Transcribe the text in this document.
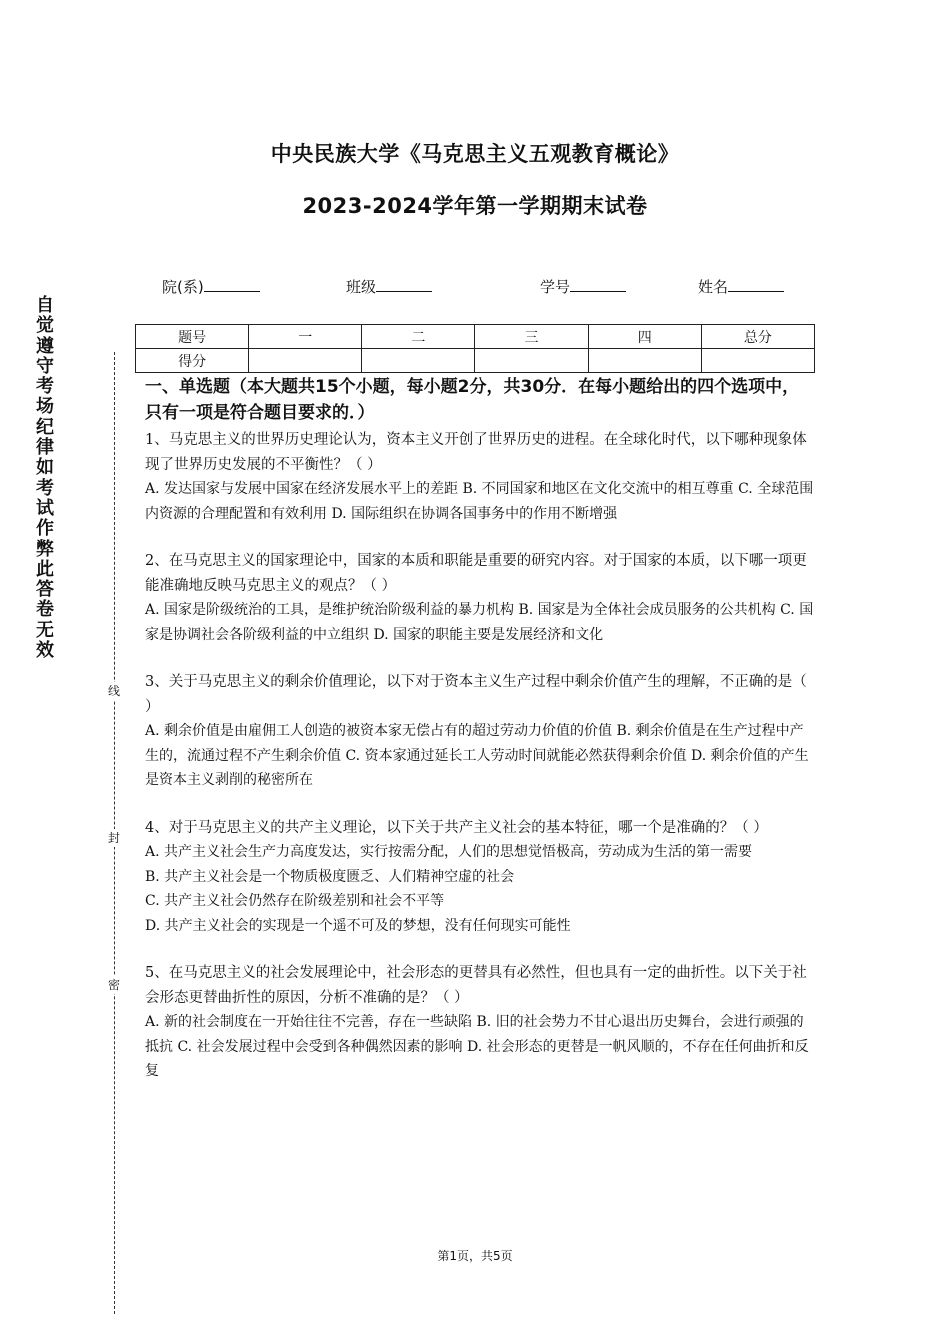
中央民族大学《马克思主义五观教育概论》
2023-2024学年第一学期期末试卷
院(系)	班级	学号	姓名
题号	一	二	三	四	总分
得分					
自觉遵守考场纪律如考试作弊此答卷无效
线
封
密

一、单选题（本大题共15个小题，每小题2分，共30分．在每小题给出的四个选项中，只有一项是符合题目要求的．）

1、马克思主义的世界历史理论认为，资本主义开创了世界历史的进程。在全球化时代，以下哪种现象体现了世界历史发展的不平衡性？（ ）

A. 发达国家与发展中国家在经济发展水平上的差距 B. 不同国家和地区在文化交流中的相互尊重 C. 全球范围内资源的合理配置和有效利用 D. 国际组织在协调各国事务中的作用不断增强

2、在马克思主义的国家理论中，国家的本质和职能是重要的研究内容。对于国家的本质，以下哪一项更能准确地反映马克思主义的观点？（ ）

A. 国家是阶级统治的工具，是维护统治阶级利益的暴力机构 B. 国家是为全体社会成员服务的公共机构 C. 国家是协调社会各阶级利益的中立组织 D. 国家的职能主要是发展经济和文化

3、关于马克思主义的剩余价值理论，以下对于资本主义生产过程中剩余价值产生的理解，不正确的是（ ）

A. 剩余价值是由雇佣工人创造的被资本家无偿占有的超过劳动力价值的价值 B. 剩余价值是在生产过程中产生的，流通过程不产生剩余价值 C. 资本家通过延长工人劳动时间就能必然获得剩余价值 D. 剩余价值的产生是资本主义剥削的秘密所在

4、对于马克思主义的共产主义理论，以下关于共产主义社会的基本特征，哪一个是准确的？（ ）

A. 共产主义社会生产力高度发达，实行按需分配，人们的思想觉悟极高，劳动成为生活的第一需要

B. 共产主义社会是一个物质极度匮乏、人们精神空虚的社会

C. 共产主义社会仍然存在阶级差别和社会不平等

D. 共产主义社会的实现是一个遥不可及的梦想，没有任何现实可能性

5、在马克思主义的社会发展理论中，社会形态的更替具有必然性，但也具有一定的曲折性。以下关于社会形态更替曲折性的原因，分析不准确的是？（ ）

A. 新的社会制度在一开始往往不完善，存在一些缺陷 B. 旧的社会势力不甘心退出历史舞台，会进行顽强的抵抗 C. 社会发展过程中会受到各种偶然因素的影响 D. 社会形态的更替是一帆风顺的，不存在任何曲折和反复

第1页，共5页
